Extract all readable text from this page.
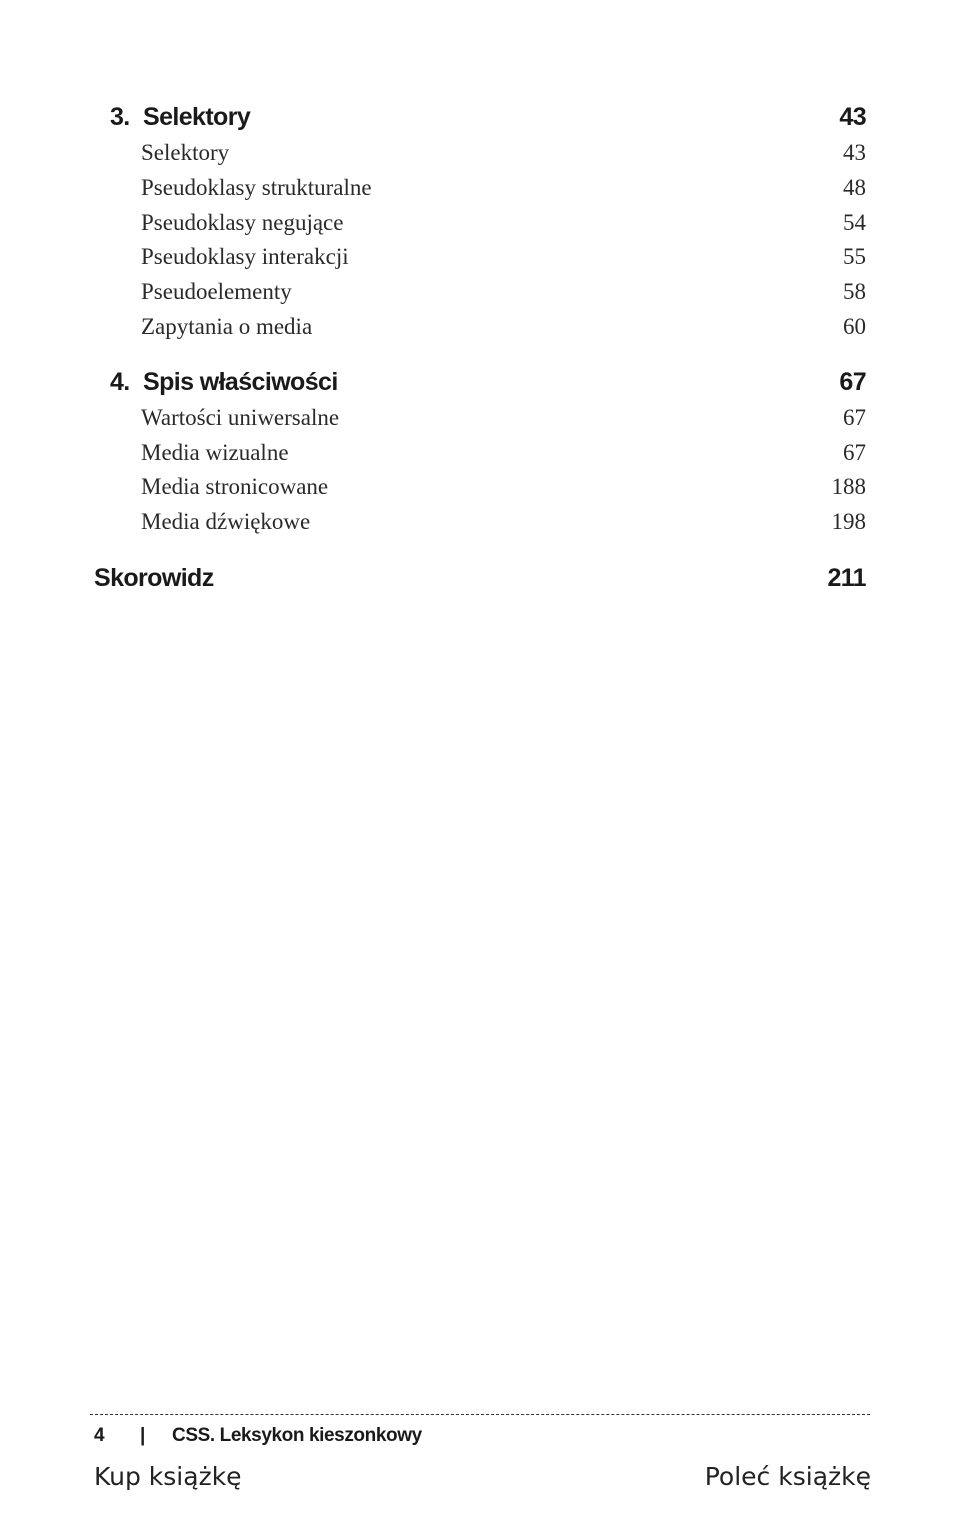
3. Selektory	43
Selektory	43
Pseudoklasy strukturalne	48
Pseudoklasy negujące	54
Pseudoklasy interakcji	55
Pseudoelementy	58
Zapytania o media	60
4. Spis właściwości	67
Wartości uniwersalne	67
Media wizualne	67
Media stronicowane	188
Media dźwiękowe	198
Skorowidz	211
4	|	CSS. Leksykon kieszonkowy
Kup książkę	Poleć książkę
